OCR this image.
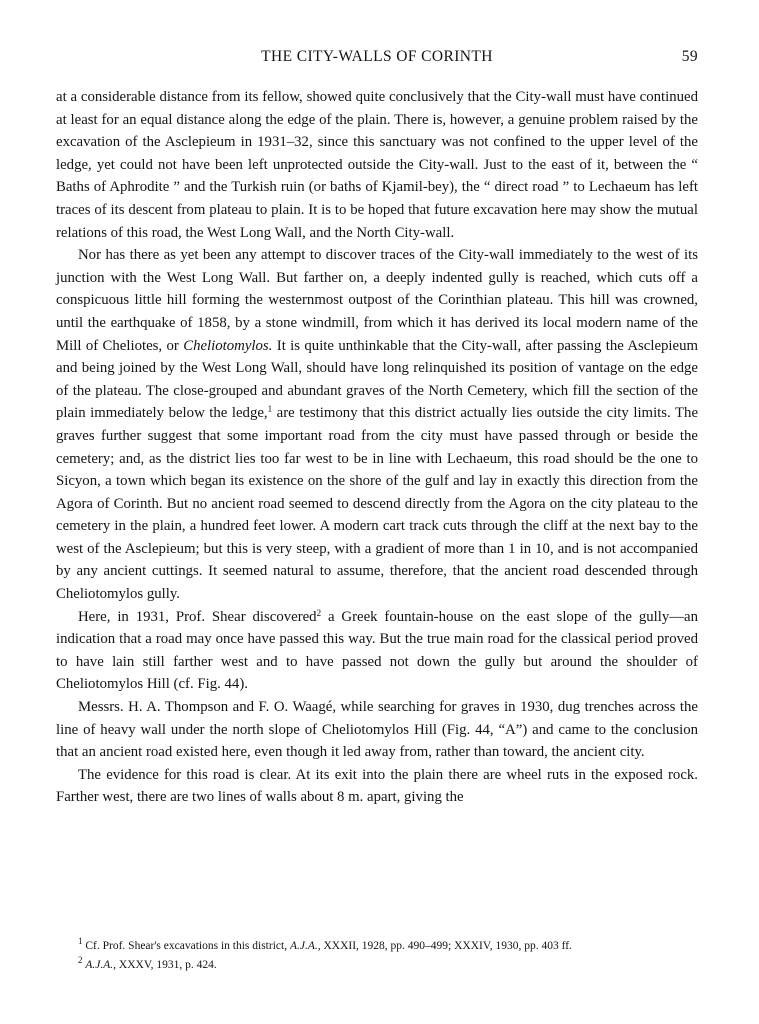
THE CITY-WALLS OF CORINTH	59

at a considerable distance from its fellow, showed quite conclusively that the City-wall must have continued at least for an equal distance along the edge of the plain. There is, however, a genuine problem raised by the excavation of the Asclepieum in 1931–32, since this sanctuary was not confined to the upper level of the ledge, yet could not have been left unprotected outside the City-wall. Just to the east of it, between the “ Baths of Aphrodite ” and the Turkish ruin (or baths of Kjamil-bey), the “ direct road ” to Lechaeum has left traces of its descent from plateau to plain. It is to be hoped that future excavation here may show the mutual relations of this road, the West Long Wall, and the North City-wall.

Nor has there as yet been any attempt to discover traces of the City-wall immediately to the west of its junction with the West Long Wall. But farther on, a deeply indented gully is reached, which cuts off a conspicuous little hill forming the westernmost outpost of the Corinthian plateau. This hill was crowned, until the earthquake of 1858, by a stone windmill, from which it has derived its local modern name of the Mill of Cheliotes, or Cheliotomylos. It is quite unthinkable that the City-wall, after passing the Asclepieum and being joined by the West Long Wall, should have long relinquished its position of vantage on the edge of the plateau. The close-grouped and abundant graves of the North Cemetery, which fill the section of the plain immediately below the ledge,$^1$ are testimony that this district actually lies outside the city limits. The graves further suggest that some important road from the city must have passed through or beside the cemetery; and, as the district lies too far west to be in line with Lechaeum, this road should be the one to Sicyon, a town which began its existence on the shore of the gulf and lay in exactly this direction from the Agora of Corinth. But no ancient road seemed to descend directly from the Agora on the city plateau to the cemetery in the plain, a hundred feet lower. A modern cart track cuts through the cliff at the next bay to the west of the Asclepieum; but this is very steep, with a gradient of more than 1 in 10, and is not accompanied by any ancient cuttings. It seemed natural to assume, therefore, that the ancient road descended through Cheliotomylos gully.

Here, in 1931, Prof. Shear discovered$^2$ a Greek fountain-house on the east slope of the gully—an indication that a road may once have passed this way. But the true main road for the classical period proved to have lain still farther west and to have passed not down the gully but around the shoulder of Cheliotomylos Hill (cf. Fig. 44).

Messrs. H. A. Thompson and F. O. Waagé, while searching for graves in 1930, dug trenches across the line of heavy wall under the north slope of Cheliotomylos Hill (Fig. 44, “A”) and came to the conclusion that an ancient road existed here, even though it led away from, rather than toward, the ancient city.

The evidence for this road is clear. At its exit into the plain there are wheel ruts in the exposed rock. Farther west, there are two lines of walls about 8 m. apart, giving the

$^1$ Cf. Prof. Shear's excavations in this district, A.J.A., XXXII, 1928, pp. 490–499; XXXIV, 1930, pp. 403 ff.
$^2$ A.J.A., XXXV, 1931, p. 424.
